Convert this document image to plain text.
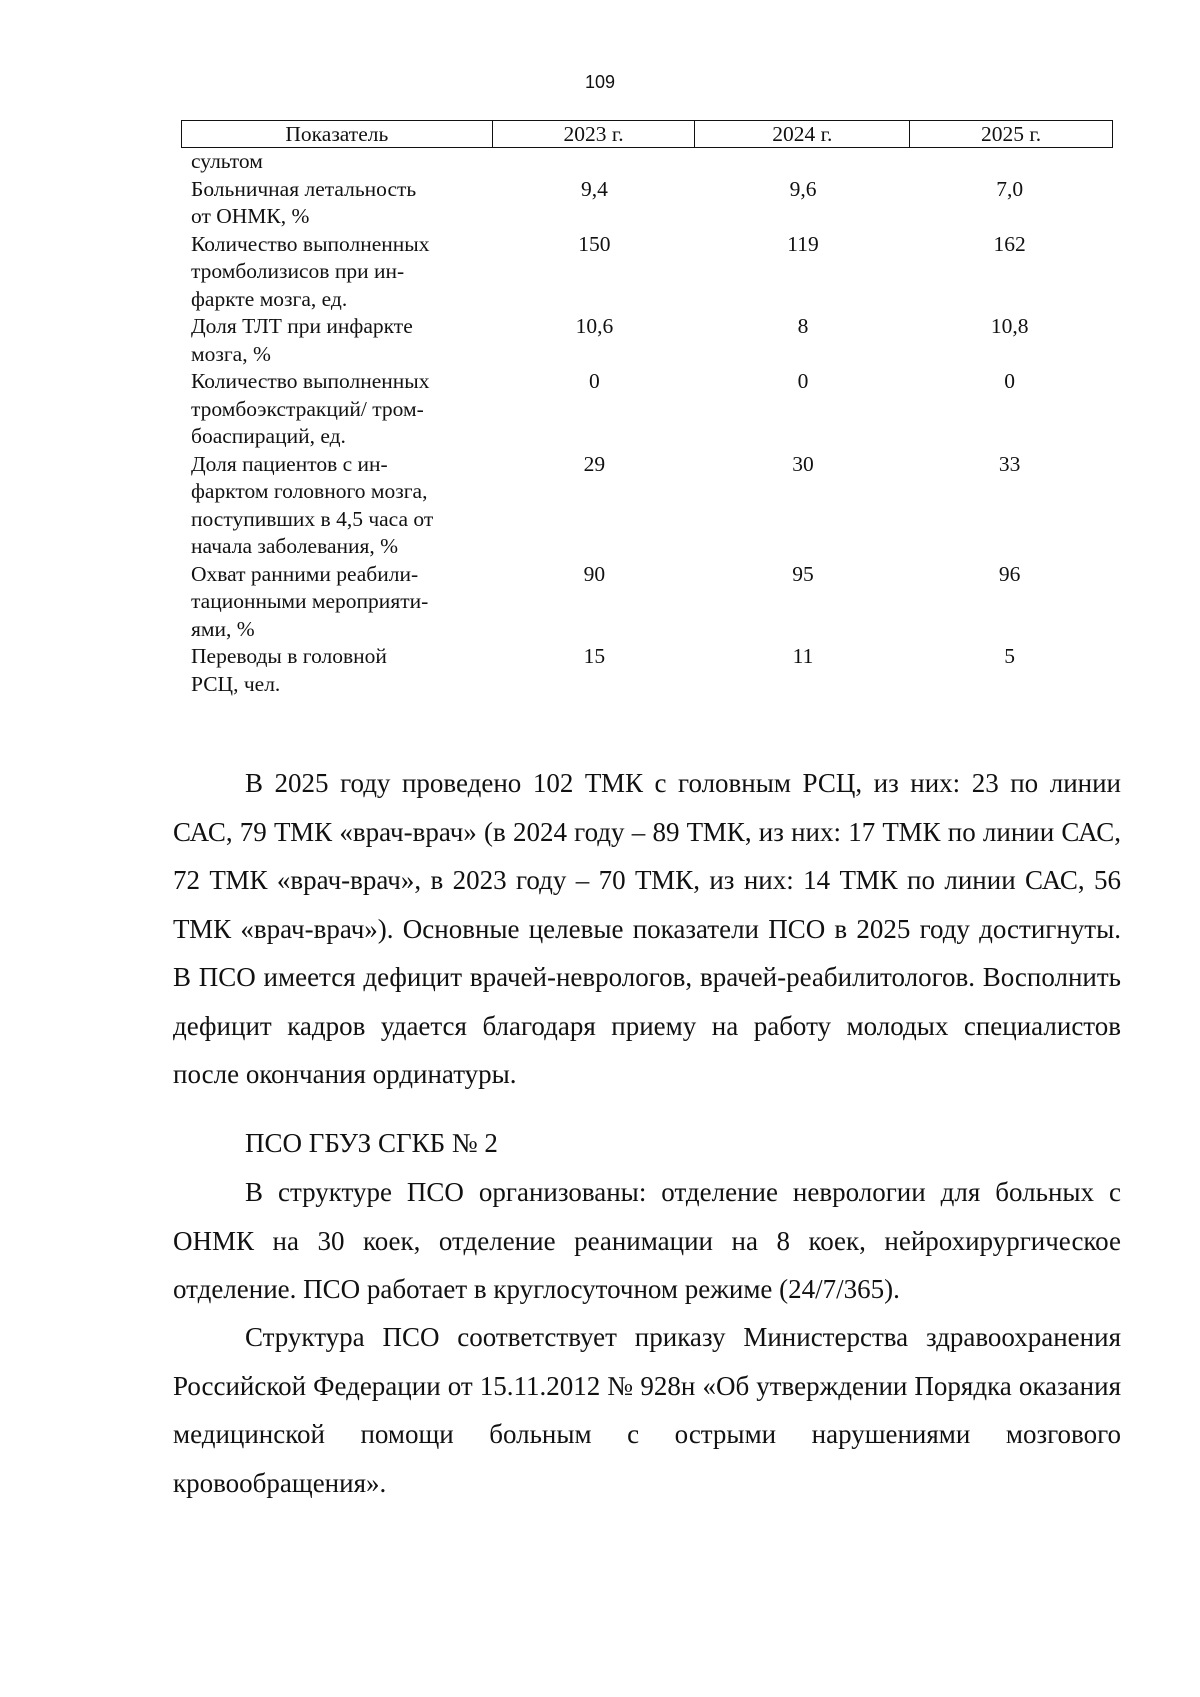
109
Показатель	2023 г.	2024 г.	2025 г.
сультом
Больничная летальность
от ОНМК, %
9,4	9,6	7,0
Количество выполненных
тромболизисов при ин-
фаркте мозга, ед.
150	119	162
Доля ТЛТ при инфаркте
мозга, %
10,6	8	10,8
Количество выполненных
тромбоэкстракций/ тром-
боаспираций, ед.
0	0	0
Доля пациентов с ин-
фарктом головного мозга,
поступивших в 4,5 часа от
начала заболевания, %
29	30	33
Охват ранними реабили-
тационными мероприяти-
ями, %
90	95	96
Переводы в головной
РСЦ, чел.
15	11	5

В 2025 году проведено 102 ТМК с головным РСЦ, из них: 23 по линии САС, 79 ТМК «врач-врач» (в 2024 году – 89 ТМК, из них: 17 ТМК по линии САС, 72 ТМК «врач-врач», в 2023 году – 70 ТМК, из них: 14 ТМК по линии САС, 56 ТМК «врач-врач»). Основные целевые показатели ПСО в 2025 году достигнуты. В ПСО имеется дефицит врачей-неврологов, врачей-реабилитологов. Восполнить дефицит кадров удается благодаря приему на работу молодых специалистов после окончания ординатуры.

ПСО ГБУЗ СГКБ № 2

В структуре ПСО организованы: отделение неврологии для больных с ОНМК на 30 коек, отделение реанимации на 8 коек, нейрохирургическое отделение. ПСО работает в круглосуточном режиме (24/7/365).

Структура ПСО соответствует приказу Министерства здравоохранения Российской Федерации от 15.11.2012 № 928н «Об утверждении Порядка оказания медицинской помощи больным с острыми нарушениями мозгового кровообращения».
